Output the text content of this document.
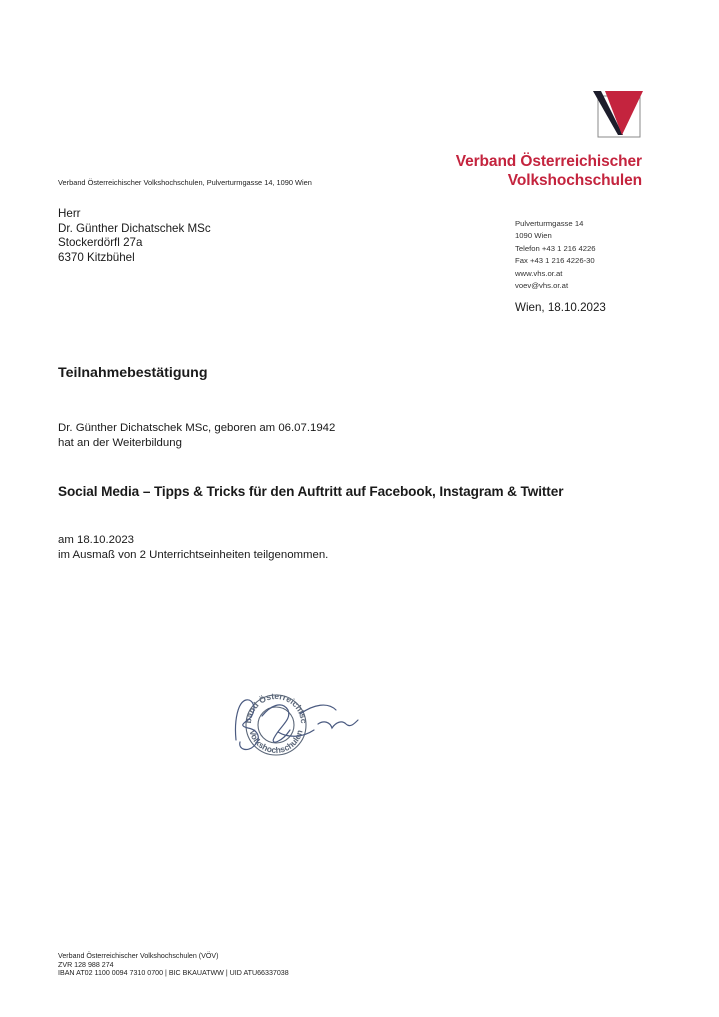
Verband Österreichischer
Volkshochschulen
Verband Österreichischer Volkshochschulen, Pulverturmgasse 14, 1090 Wien
Herr
Dr. Günther Dichatschek MSc
Stockerdörfl 27a
6370 Kitzbühel
Pulverturmgasse 14
1090 Wien
Telefon +43 1 216 4226
Fax +43 1 216 4226-30
www.vhs.or.at
voev@vhs.or.at
Wien, 18.10.2023
Teilnahmebestätigung
Dr. Günther Dichatschek MSc, geboren am 06.07.1942
hat an der Weiterbildung
Social Media – Tipps & Tricks für den Auftritt auf Facebook, Instagram & Twitter
am 18.10.2023
im Ausmaß von 2 Unterrichtseinheiten teilgenommen.
band Österreichisc
Volkshochschulen
Verband Österreichischer Volkshochschulen (VÖV)
ZVR 128 988 274
IBAN AT02 1100 0094 7310 0700 | BIC BKAUATWW | UID ATU66337038
